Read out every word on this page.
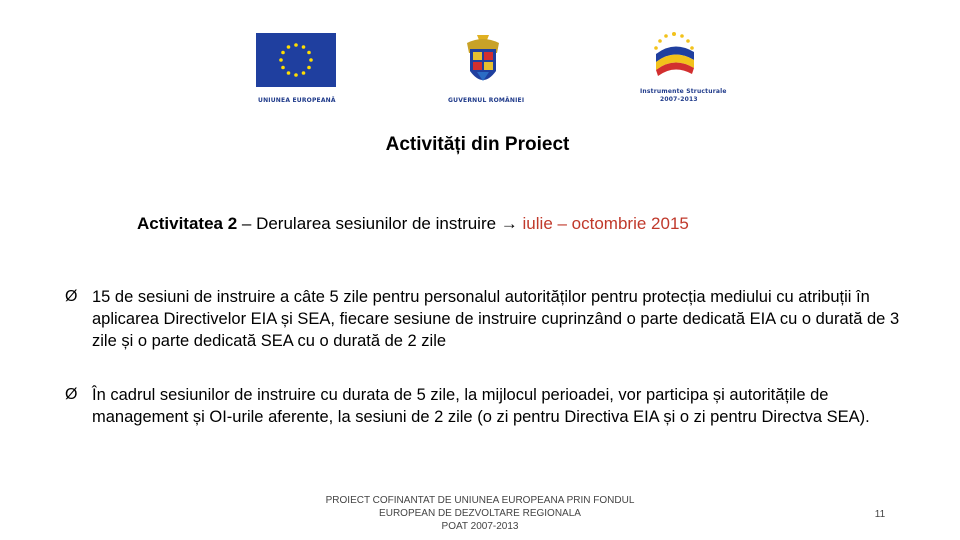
UNIUNEA EUROPEANĂ	GUVERNUL ROMÂNIEI
Instrumente Structurale
2007-2013
Activități din Proiect
Activitatea 2 – Derularea sesiunilor de instruire → iulie – octombrie 2015
Ø 15 de sesiuni de instruire a câte 5 zile pentru personalul autorităților pentru protecția mediului cu atribuții în aplicarea Directivelor EIA și SEA, fiecare sesiune de instruire cuprinzând o parte dedicată EIA cu o durată de 3 zile și o parte dedicată SEA cu o durată de 2 zile
Ø În cadrul sesiunilor de instruire cu durata de 5 zile, la mijlocul perioadei, vor participa și autoritățile de management și OI-urile aferente, la sesiuni de 2 zile (o zi pentru Directiva EIA și o zi pentru Directva SEA).
PROIECT COFINANTAT DE UNIUNEA EUROPEANA PRIN FONDUL
EUROPEAN DE DEZVOLTARE REGIONALA
POAT 2007-2013
11
